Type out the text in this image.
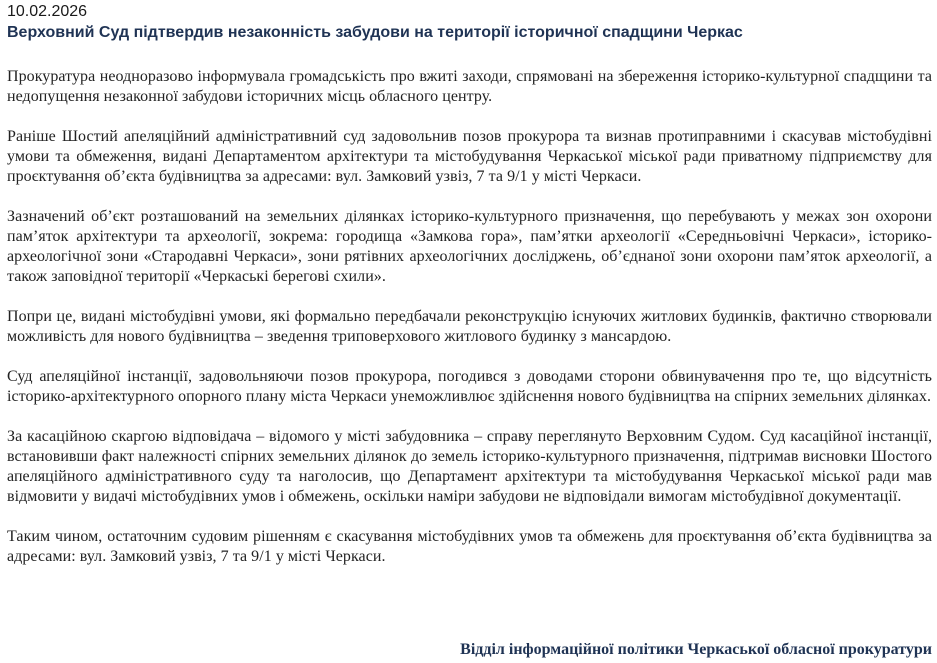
10.02.2026

Верховний Суд підтвердив незаконність забудови на території історичної спадщини Черкас

Прокуратура неодноразово інформувала громадськість про вжиті заходи, спрямовані на збереження історико-культурної спадщини та недопущення незаконної забудови історичних місць обласного центру.

Раніше Шостий апеляційний адміністративний суд задовольнив позов прокурора та визнав протиправними і скасував містобудівні умови та обмеження, видані Департаментом архітектури та містобудування Черкаської міської ради приватному підприємству для проєктування об’єкта будівництва за адресами: вул. Замковий узвіз, 7 та 9/1 у місті Черкаси.

Зазначений об’єкт розташований на земельних ділянках історико-культурного призначення, що перебувають у межах зон охорони пам’яток архітектури та археології, зокрема: городища «Замкова гора», пам’ятки археології «Середньовічні Черкаси», історико-археологічної зони «Стародавні Черкаси», зони рятівних археологічних досліджень, об’єднаної зони охорони пам’яток археології, а також заповідної території «Черкаські берегові схили».

Попри це, видані містобудівні умови, які формально передбачали реконструкцію існуючих житлових будинків, фактично створювали можливість для нового будівництва – зведення триповерхового житлового будинку з мансардою.

Суд апеляційної інстанції, задовольняючи позов прокурора, погодився з доводами сторони обвинувачення про те, що відсутність історико-архітектурного опорного плану міста Черкаси унеможливлює здійснення нового будівництва на спірних земельних ділянках.

За касаційною скаргою відповідача – відомого у місті забудовника – справу переглянуто Верховним Судом. Суд касаційної інстанції, встановивши факт належності спірних земельних ділянок до земель історико-культурного призначення, підтримав висновки Шостого апеляційного адміністративного суду та наголосив, що Департамент архітектури та містобудування Черкаської міської ради мав відмовити у видачі містобудівних умов і обмежень, оскільки наміри забудови не відповідали вимогам містобудівної документації.

Таким чином, остаточним судовим рішенням є скасування містобудівних умов та обмежень для проєктування об’єкта будівництва за адресами: вул. Замковий узвіз, 7 та 9/1 у місті Черкаси.

Відділ інформаційної політики Черкаської обласної прокуратури
